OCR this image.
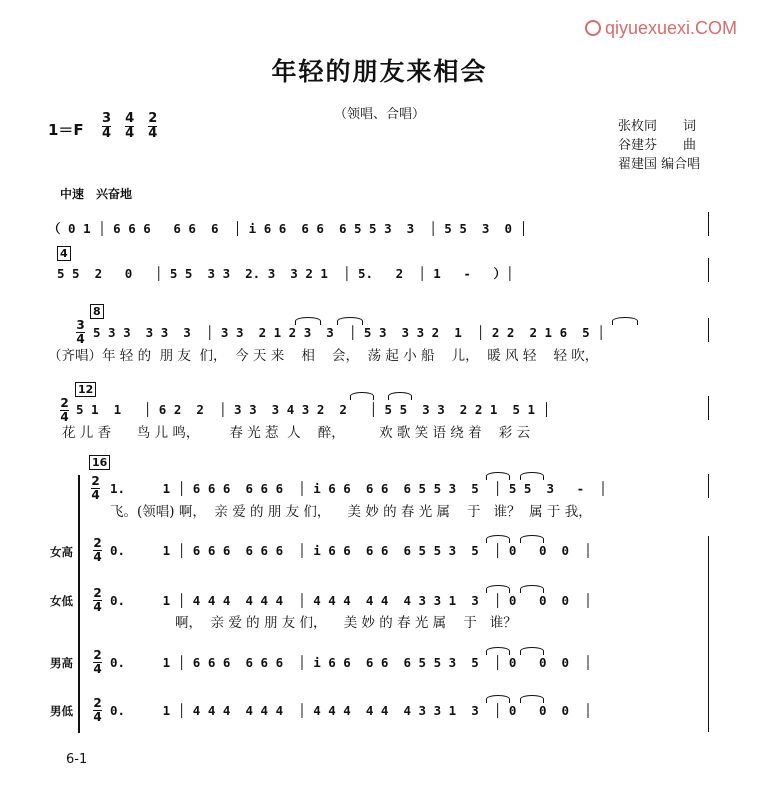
qiyuexuexi.COM
年轻的朋友来相会
（领唱、合唱）
张枚同　　词
谷建芬　　曲
翟建国 编合唱
$1=F \frac{3}{4}$
$\frac{4}{4}$
$\frac{2}{4}$
中速　兴奋地
（ 0 1 │ 6 6 6   6 6  6  │ i 6 6  6 6  6 5 5 3  3  │ 5 5  3  0 │
4
5 5  2   0   │ 5 5  3 3  2. 3  3 2 1  │ 5.   2  │ 1   -   ）│
8
3
4 5 3 3  3 3  3  │ 3 3  2 1 2 3  3  │ 5 3  3 3 2  1  │ 2 2  2 1 6  5 │
（齐唱）年 轻 的  朋 友  们，  今 天 来    相    会，  荡 起 小 船    儿，  暖 风 轻    轻 吹，
12
2
4 5 1  1   │ 6 2  2  │ 3 3  3 4 3 2  2   │ 5 5  3 3  2 2 1  5 1 │
花 儿 香      鸟 儿 鸣，       春 光 惹  人    醉，        欢 歌 笑 语 绕 着    彩 云
16
2
4 1.     1 │ 6 6 6  6 6 6  │ i 6 6  6 6  6 5 5 3  5  │ 5 5  3   -  │
飞。(领唱) 啊，  亲 爱 的 朋 友 们，    美 妙 的 春 光 属    于   谁？  属 于 我，
女高
2
4 0.     1 │ 6 6 6  6 6 6  │ i 6 6  6 6  6 5 5 3  5  │ 0   0  0  │
女低
2
4 0.     1 │ 4 4 4  4 4 4  │ 4 4 4  4 4  4 3 3 1  3  │ 0   0  0  │
啊，  亲 爱 的 朋 友 们，    美 妙 的 春 光 属    于   谁？
男高
2
4 0.     1 │ 6 6 6  6 6 6  │ i 6 6  6 6  6 5 5 3  5  │ 0   0  0  │
男低
2
4 0.     1 │ 4 4 4  4 4 4  │ 4 4 4  4 4  4 3 3 1  3  │ 0   0  0  │
6-1
